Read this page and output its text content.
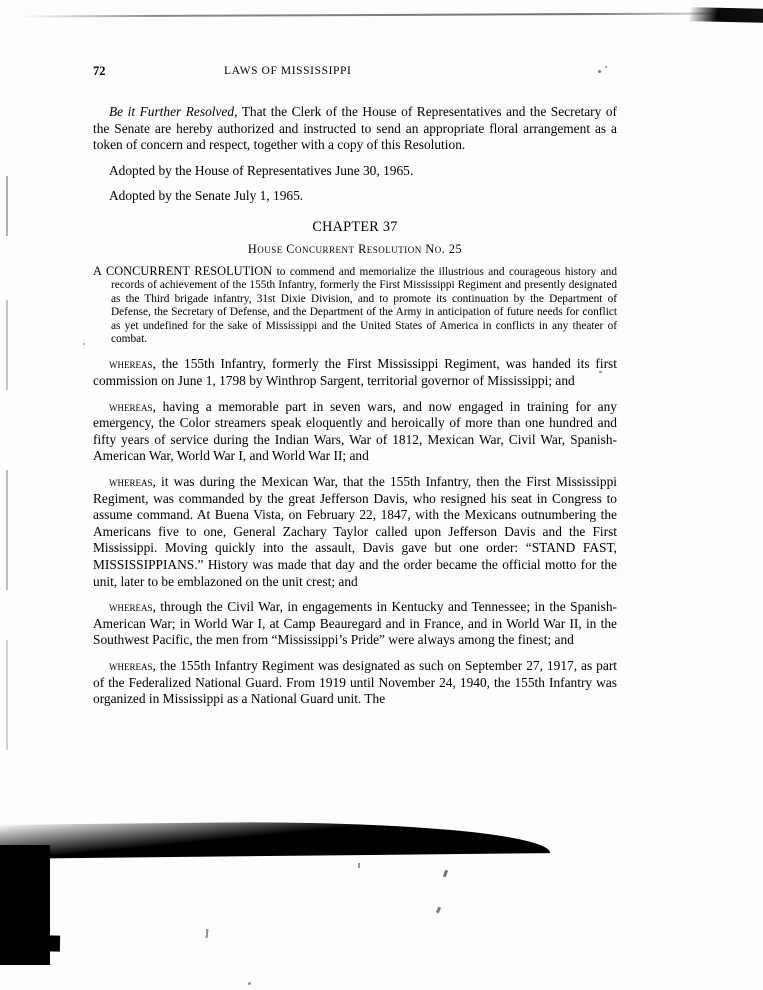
72	LAWS OF MISSISSIPPI

Be it Further Resolved, That the Clerk of the House of Representatives and the Secretary of the Senate are hereby authorized and instructed to send an appropriate floral arrangement as a token of concern and respect, together with a copy of this Resolution.

Adopted by the House of Representatives June 30, 1965.

Adopted by the Senate July 1, 1965.

CHAPTER 37
House Concurrent Resolution No. 25
A CONCURRENT RESOLUTION to commend and memorialize the illustrious and courageous history and records of achievement of the 155th Infantry, formerly the First Mississippi Regiment and presently designated as the Third brigade infantry, 31st Dixie Division, and to promote its continuation by the Department of Defense, the Secretary of Defense, and the Department of the Army in anticipation of future needs for conflict as yet undefined for the sake of Mississippi and the United States of America in conflicts in any theater of combat.

whereas, the 155th Infantry, formerly the First Mississippi Regiment, was handed its first commission on June 1, 1798 by Winthrop Sargent, territorial governor of Mississippi; and

whereas, having a memorable part in seven wars, and now engaged in training for any emergency, the Color streamers speak eloquently and heroically of more than one hundred and fifty years of service during the Indian Wars, War of 1812, Mexican War, Civil War, Spanish-American War, World War I, and World War II; and

whereas, it was during the Mexican War, that the 155th Infantry, then the First Mississippi Regiment, was commanded by the great Jefferson Davis, who resigned his seat in Congress to assume command. At Buena Vista, on February 22, 1847, with the Mexicans outnumbering the Americans five to one, General Zachary Taylor called upon Jefferson Davis and the First Mississippi. Moving quickly into the assault, Davis gave but one order: “STAND FAST, MISSISSIPPIANS.” History was made that day and the order became the official motto for the unit, later to be emblazoned on the unit crest; and

whereas, through the Civil War, in engagements in Kentucky and Tennessee; in the Spanish-American War; in World War I, at Camp Beauregard and in France, and in World War II, in the Southwest Pacific, the men from “Mississippi’s Pride” were always among the finest; and

whereas, the 155th Infantry Regiment was designated as such on September 27, 1917, as part of the Federalized National Guard. From 1919 until November 24, 1940, the 155th Infantry was organized in Mississippi as a National Guard unit. The
